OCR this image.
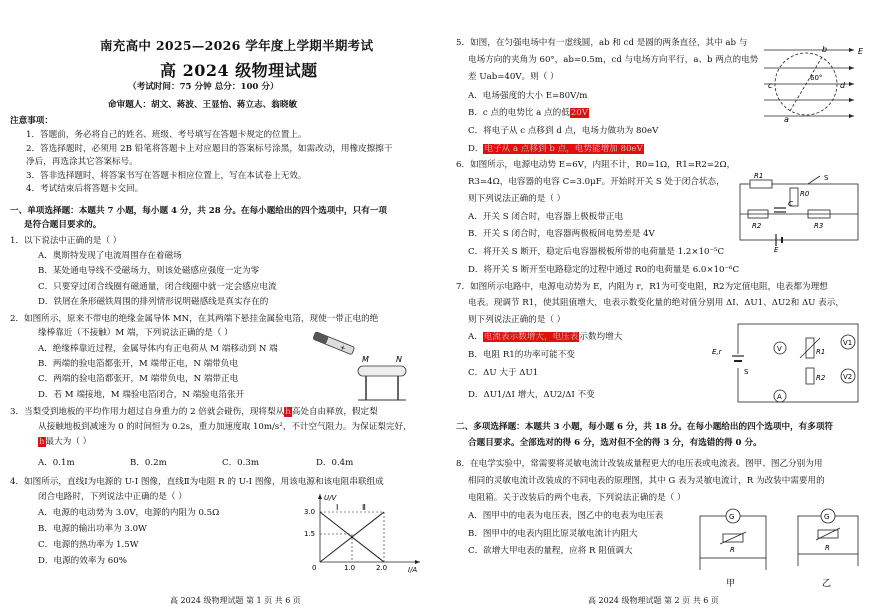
南充高中 2025—2026 学年度上学期半期考试
高 2024 级物理试题
（考试时间：75 分钟 总分：100 分）
命审题人：胡文、蒋波、王显怡、蒋立志、翁晓敏
注意事项：
1．答题前，务必将自己的姓名、班级、考号填写在答题卡规定的位置上。
2．答选择题时，必须用 2B 铅笔将答题卡上对应题目的答案标号涂黑，如需改动，用橡皮擦擦干
净后，再选涂其它答案标号。
3．答非选择题时，将答案书写在答题卡相应位置上，写在本试卷上无效。
4．考试结束后将答题卡交回。
一、单项选择题：本题共 7 小题，每小题 4 分，共 28 分。在每小题给出的四个选项中，只有一项
是符合题目要求的。
1．以下说法中正确的是（ ）
A．奥斯特发现了电流周围存在着磁场
B．某处通电导线不受磁场力，则该处磁感应强度一定为零
C．只要穿过闭合线圈有磁通量，闭合线圈中就一定会感应电流
D．铁屑在条形磁铁周围的排列情形说明磁感线是真实存在的
2．如图所示，原来不带电的绝缘金属导体 MN，在其两端下悬挂金属验电箔，现使一带正电的绝
缘棒靠近（不接触）M 端，下列说法正确的是（ ）
A．绝缘棒靠近过程，金属导体内有正电荷从 M 端移动到 N 端
B．两端的验电箔都张开，M 端带正电，N 端带负电
C．两端的验电箔都张开，M 端带负电，N 端带正电
D．若 M 端接地，M 端验电箔闭合，N 端验电箔张开
+
M	N
3．当梨受到地板的平均作用力超过自身重力的 2 倍就会碰伤，现将梨从h高处自由释放，假定梨
从接触地板到减速为 0 的时间恒为 0.2s，重力加速度取 10m/s²，不计空气阻力。为保证梨完好，
h最大为（ ）
A．0.1m	B．0.2m	C．0.3m	D．0.4m
4．如图所示，直线Ⅰ为电源的 U-I 图像，直线Ⅱ为电阻 R 的 U-I 图像，用该电源和该电阻串联组成
闭合电路时，下列说法中正确的是（ ）
A．电源的电动势为 3.0V，电源的内阻为 0.5Ω
B．电源的输出功率为 3.0W
C．电源的热功率为 1.5W
D．电源的效率为 60%
U/V
I/A
3.0
1.5
0	1.0	2.0
Ⅰ	Ⅱ
高 2024 级物理试题 第 1 页 共 6 页
5．如图，在匀强电场中有一虚线圆，ab 和 cd 是圆的两条直径，其中 ab 与
电场方向的夹角为 60°，ab=0.5m，cd 与电场方向平行，a、b 两点的电势
差 Uab=40V。则（ ）
A．电场强度的大小 E=80V/m
B．c 点的电势比 a 点的低20V
C．将电子从 c 点移到 d 点，电场力做功为 80eV
D．电子从 a 点移到 b 点，电势能增加 80eV
b
c	d
a
E
60°
6．如图所示，电源电动势 E=6V，内阻不计，R0=1Ω，R1=R2=2Ω，
R3=4Ω，电容器的电容 C=3.0μF。开始时开关 S 处于闭合状态，
则下列说法正确的是（ ）
A．开关 S 闭合时，电容器上极板带正电
B．开关 S 闭合时，电容器两极板间电势差是 4V
C．将开关 S 断开，稳定后电容器极板所带的电荷量是 1.2×10⁻⁵C
D．将开关 S 断开至电路稳定的过程中通过 R0的电荷量是 6.0×10⁻⁶C
R1
R0
S
C
R2	R3
E
7．如图所示电路中，电源电动势为 E，内阻为 r，R1为可变电阻，R2为定值电阻，电表都为理想
电表。现调节 R1，使其阻值增大，电表示数变化量的绝对值分别用 ΔI、ΔU1、ΔU2和 ΔU 表示，
则下列说法正确的是（ ）
A．电流表示数增大，电压表示数均增大
B．电阻 R1的功率可能不变
C．ΔU 大于 ΔU1
D．ΔU1/ΔI 增大，ΔU2/ΔI 不变
E,r
S
R1
R2
V
V1
V2
A
二、多项选择题：本题共 3 小题，每小题 6 分，共 18 分。在每小题给出的四个选项中，有多项符
合题目要求。全部选对的得 6 分，选对但不全的得 3 分，有选错的得 0 分。
8．在电学实验中，常需要将灵敏电流计改装成量程更大的电压表或电流表。图甲、图乙分别为用
相同的灵敏电流计改装成的不同电表的原理图，其中 G 表为灵敏电流计，R 为改装中需要用的
电阻箱。关于改装后的两个电表，下列说法正确的是（ ）
A．图甲中的电表为电压表，图乙中的电表为电压表
B．图甲中的电表内阻比原灵敏电流计内阻大
C．欲增大甲电表的量程，应将 R 阻值调大
G
R
甲
G
R
乙
高 2024 级物理试题 第 2 页 共 6 页
